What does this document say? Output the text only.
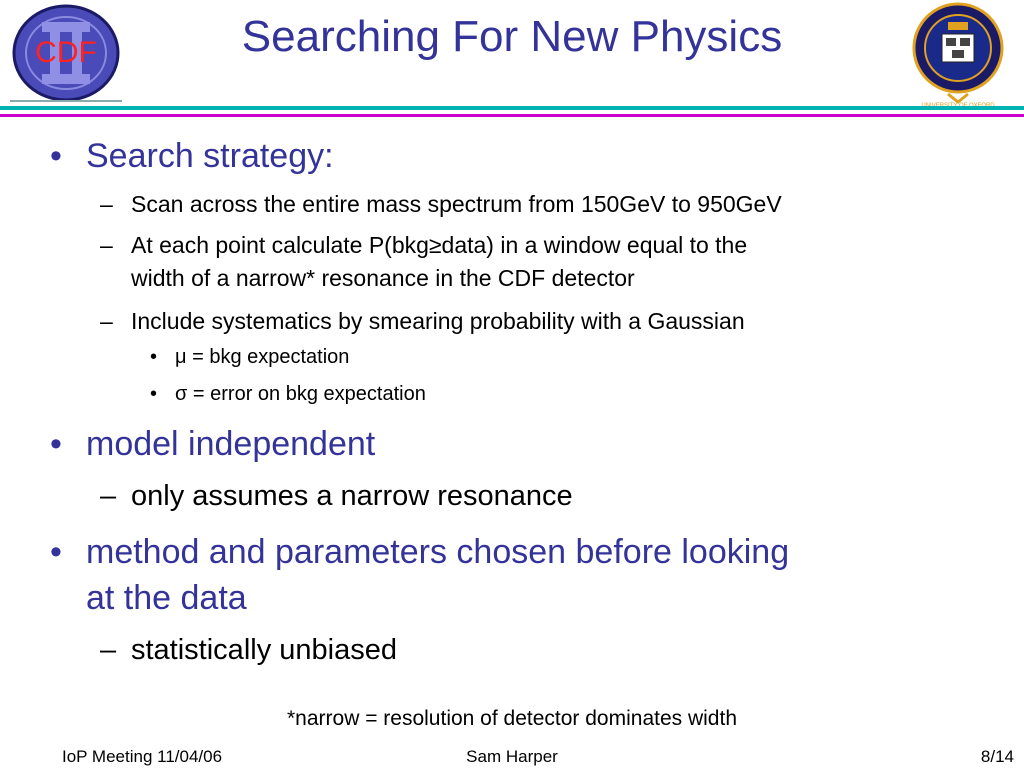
CDF	Searching For New Physics
• Search strategy:
– Scan across the entire mass spectrum from 150GeV to 950GeV
– At each point calculate P(bkg≥data) in a window equal to the
width of a narrow* resonance in the CDF detector
– Include systematics by smearing probability with a Gaussian
• μ = bkg expectation
• σ = error on bkg expectation
• model independent
– only assumes a narrow resonance
• method and parameters chosen before looking
at the data
– statistically unbiased
*narrow = resolution of detector dominates width
IoP Meeting 11/04/06	Sam Harper	8/14
